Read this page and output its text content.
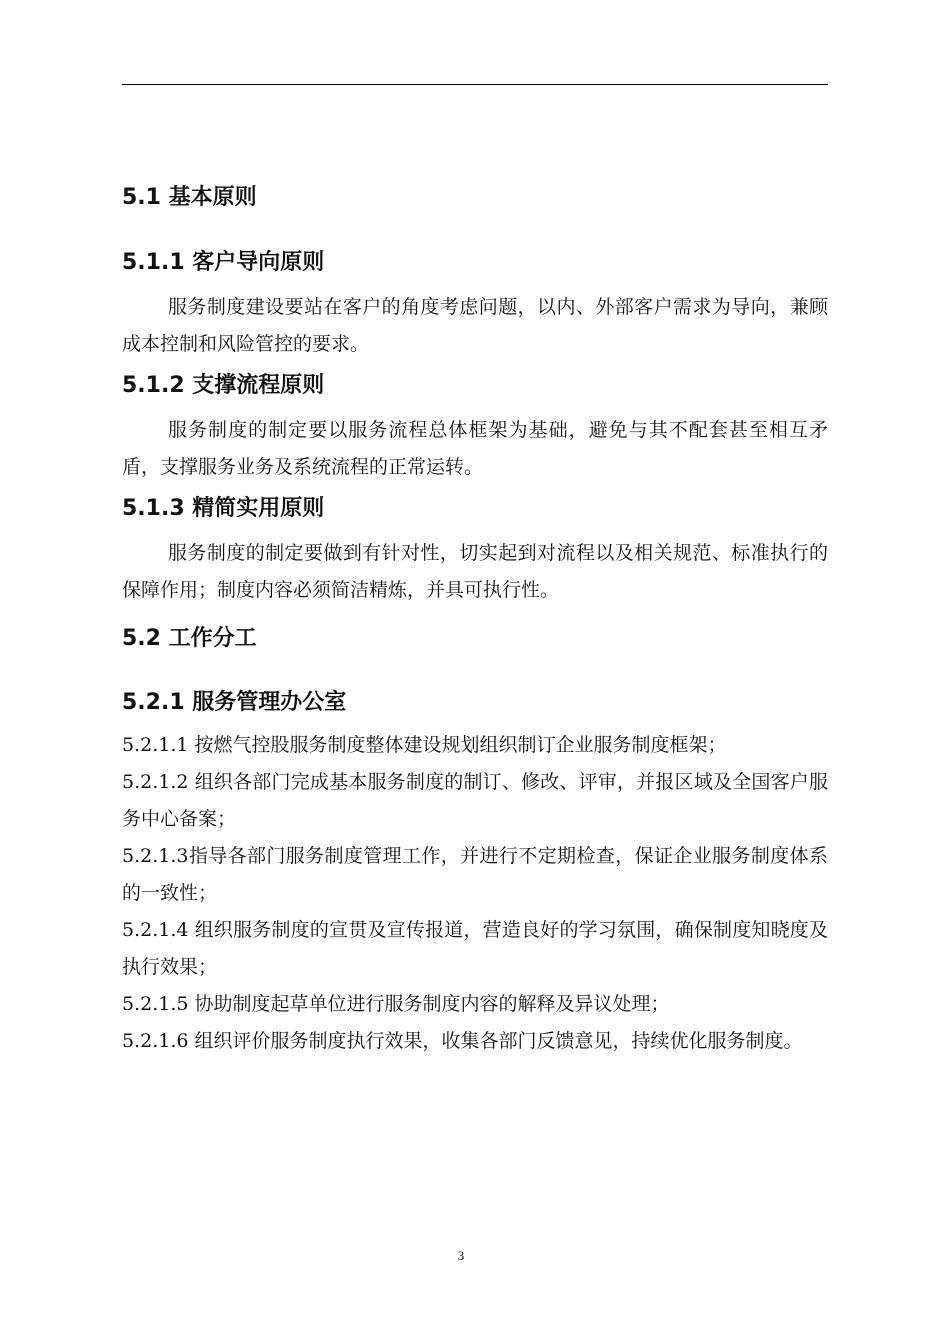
5.1 基本原则
5.1.1 客户导向原则

服务制度建设要站在客户的角度考虑问题，以内、外部客户需求为导向，兼顾成本控制和风险管控的要求。

5.1.2 支撑流程原则

服务制度的制定要以服务流程总体框架为基础，避免与其不配套甚至相互矛盾，支撑服务业务及系统流程的正常运转。

5.1.3 精简实用原则

服务制度的制定要做到有针对性，切实起到对流程以及相关规范、标准执行的保障作用；制度内容必须简洁精炼，并具可执行性。

5.2 工作分工
5.2.1 服务管理办公室

5.2.1.1 按燃气控股服务制度整体建设规划组织制订企业服务制度框架；

5.2.1.2 组织各部门完成基本服务制度的制订、修改、评审，并报区域及全国客户服务中心备案；

5.2.1.3指导各部门服务制度管理工作，并进行不定期检查，保证企业服务制度体系的一致性；

5.2.1.4 组织服务制度的宣贯及宣传报道，营造良好的学习氛围，确保制度知晓度及执行效果；

5.2.1.5 协助制度起草单位进行服务制度内容的解释及异议处理；

5.2.1.6 组织评价服务制度执行效果，收集各部门反馈意见，持续优化服务制度。

3
